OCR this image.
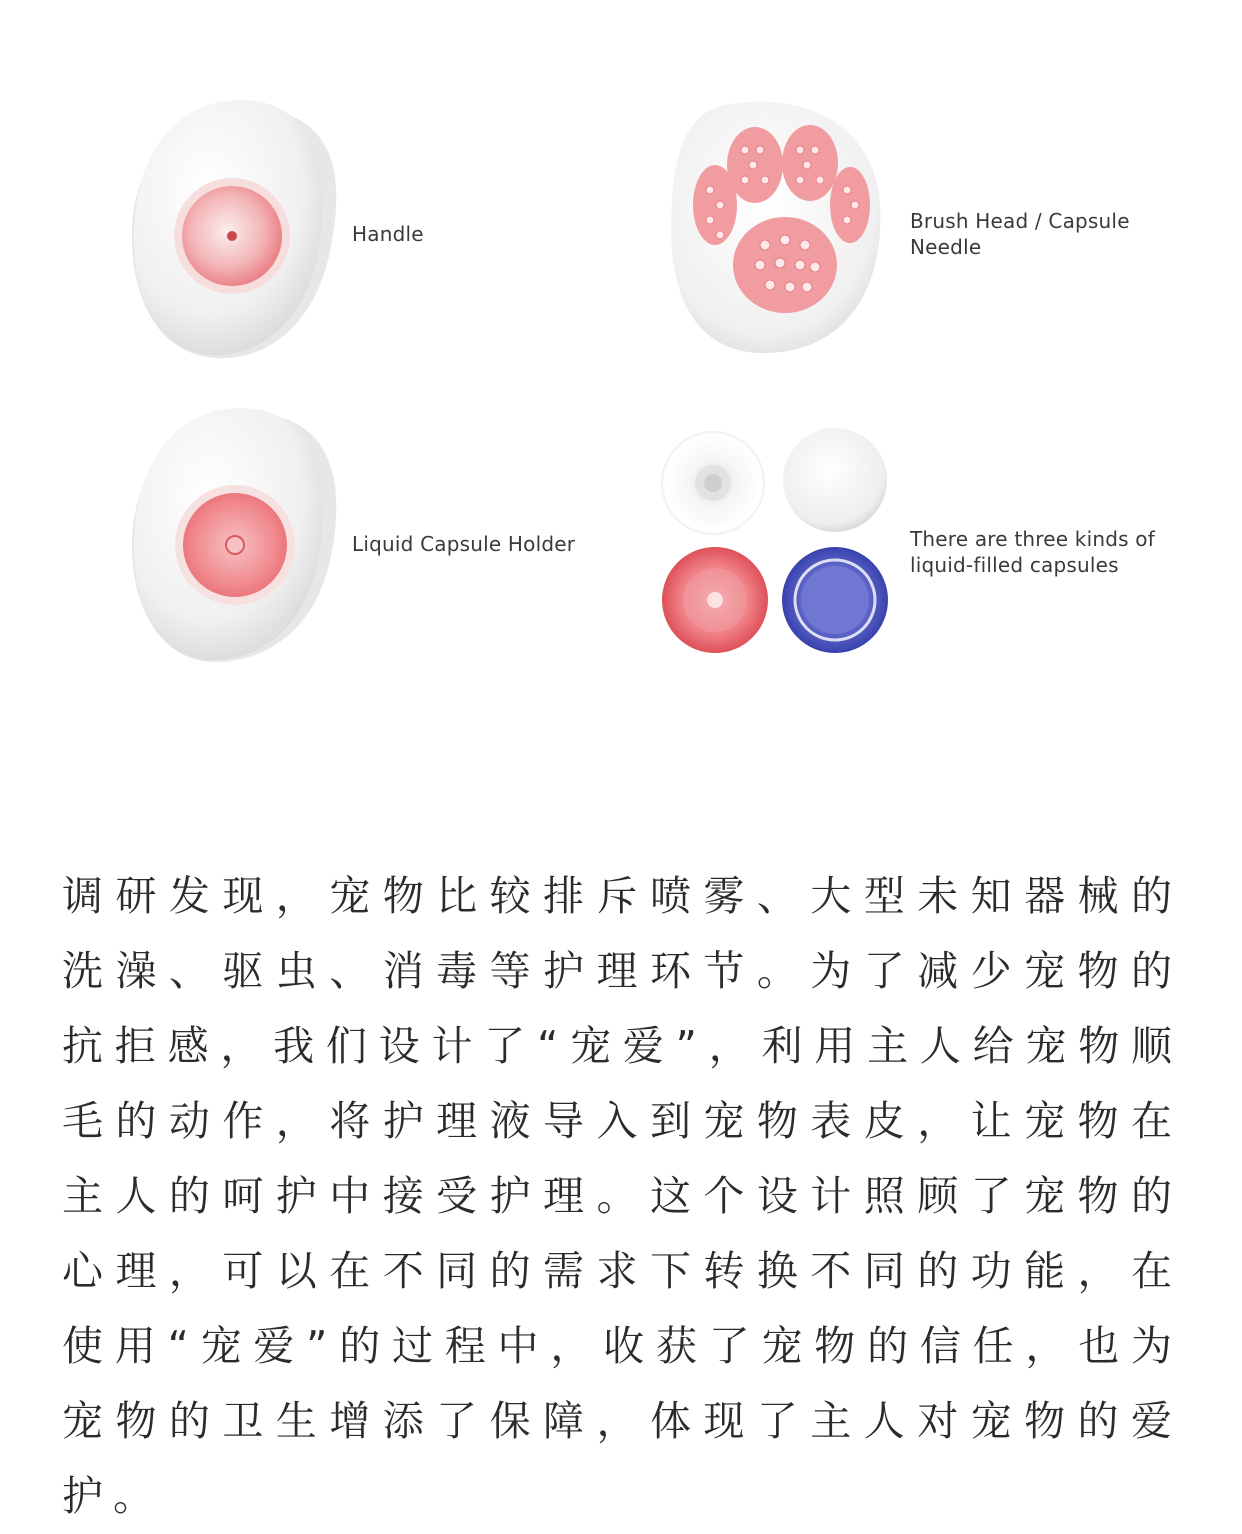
Handle
Brush Head / Capsule
Needle
Liquid Capsule Holder	There are three kinds of
liquid-filled capsules

调研发现，宠物比较排斥喷雾、大型未知器械的洗澡、驱虫、消毒等护理环节。为了减少宠物的抗拒感，我们设计了“宠爱”，利用主人给宠物顺毛的动作，将护理液导入到宠物表皮，让宠物在主人的呵护中接受护理。这个设计照顾了宠物的心理，可以在不同的需求下转换不同的功能，在使用“宠爱”的过程中，收获了宠物的信任，也为宠物的卫生增添了保障，体现了主人对宠物的爱护。
